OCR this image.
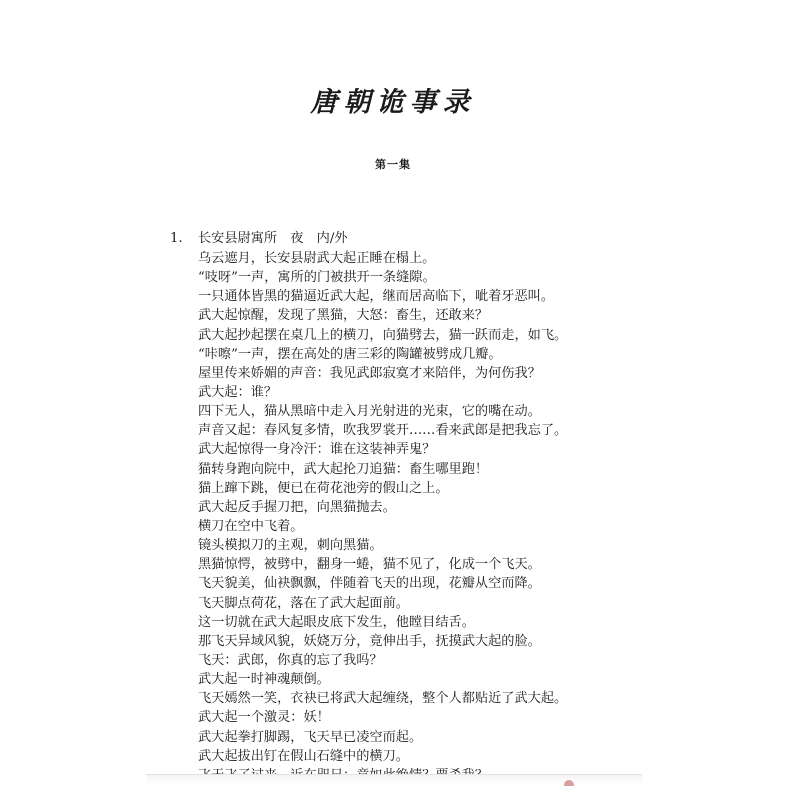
唐朝诡事录
第一集
1. 长安县尉寓所　夜　内/外
乌云遮月，长安县尉武大起正睡在榻上。
“吱呀”一声，寓所的门被拱开一条缝隙。
一只通体皆黑的猫逼近武大起，继而居高临下，呲着牙恶叫。
武大起惊醒，发现了黑猫，大怒：畜生，还敢来？
武大起抄起摆在桌几上的横刀，向猫劈去，猫一跃而走，如飞。
“咔嚓”一声，摆在高处的唐三彩的陶罐被劈成几瓣。
屋里传来娇媚的声音：我见武郎寂寞才来陪伴，为何伤我？
武大起：谁？
四下无人，猫从黑暗中走入月光射进的光束，它的嘴在动。
声音又起：春风复多情，吹我罗裳开……看来武郎是把我忘了。
武大起惊得一身冷汗：谁在这装神弄鬼？
猫转身跑向院中，武大起抡刀追猫：畜生哪里跑！
猫上蹿下跳，便已在荷花池旁的假山之上。
武大起反手握刀把，向黑猫抛去。
横刀在空中飞着。
镜头模拟刀的主观，刺向黑猫。
黑猫惊愕，被劈中，翻身一蜷，猫不见了，化成一个飞天。
飞天貌美，仙袂飘飘，伴随着飞天的出现，花瓣从空而降。
飞天脚点荷花，落在了武大起面前。
这一切就在武大起眼皮底下发生，他瞠目结舌。
那飞天异域风貌，妖娆万分，竟伸出手，抚摸武大起的脸。
飞天：武郎，你真的忘了我吗？
武大起一时神魂颠倒。
飞天嫣然一笑，衣袂已将武大起缠绕，整个人都贴近了武大起。
武大起一个激灵：妖！
武大起拳打脚踢，飞天早已凌空而起。
武大起拔出钉在假山石缝中的横刀。
